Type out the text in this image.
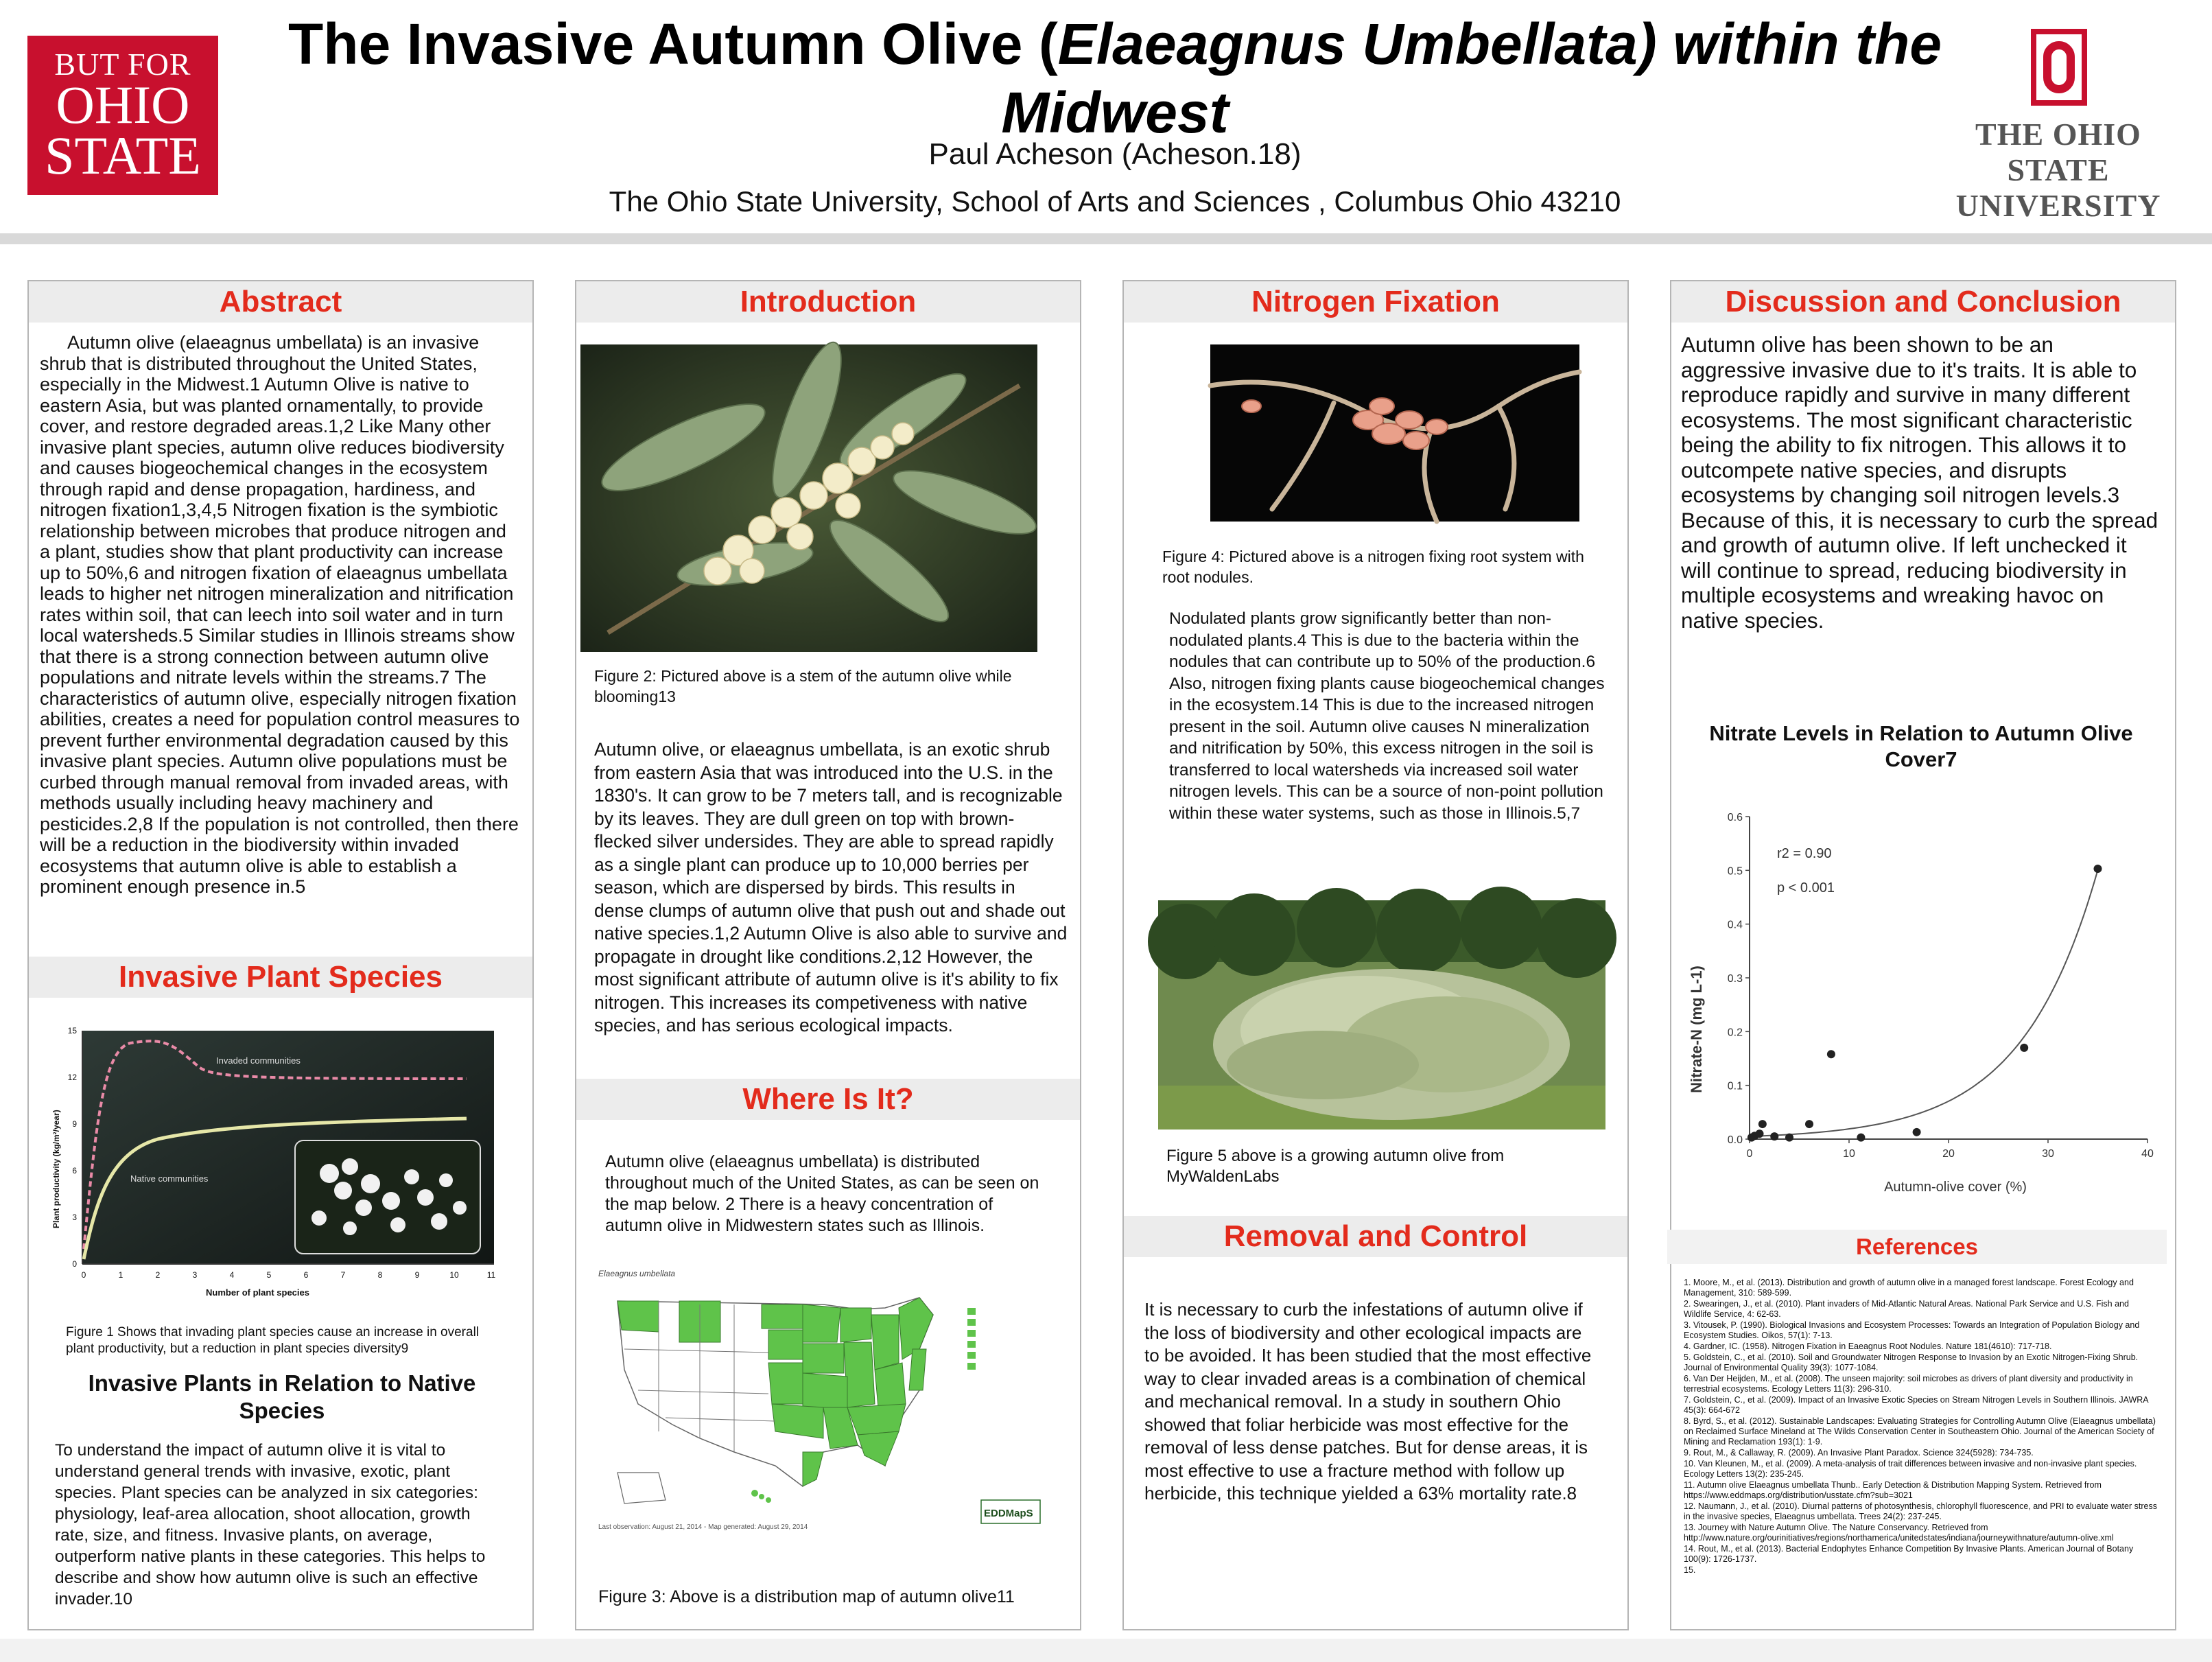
BUT FOR
OHIO
STATE
The Invasive Autumn Olive (Elaeagnus Umbellata) within the Midwest
Paul Acheson (Acheson.18)
The Ohio State University, School of Arts and Sciences , Columbus Ohio 43210
THE OHIO STATE
UNIVERSITY
Abstract
Autumn olive (elaeagnus umbellata) is an invasive shrub that is distributed throughout the United States, especially in the Midwest.1 Autumn Olive is native to eastern Asia, but was planted ornamentally, to provide cover, and restore degraded areas.1,2 Like Many other invasive plant species, autumn olive reduces biodiversity and causes biogeochemical changes in the ecosystem through rapid and dense propagation, hardiness, and nitrogen fixation1,3,4,5 Nitrogen fixation is the symbiotic relationship between microbes that produce nitrogen and a plant, studies show that plant productivity can increase up to 50%,6 and nitrogen fixation of elaeagnus umbellata leads to higher net nitrogen mineralization and nitrification rates within soil, that can leech into soil water and in turn local watersheds.5 Similar studies in Illinois streams show that there is a strong connection between autumn olive populations and nitrate levels within the streams.7 The characteristics of autumn olive, especially nitrogen fixation abilities, creates a need for population control measures to prevent further environmental degradation caused by this invasive plant species. Autumn olive populations must be curbed through manual removal from invaded areas, with methods usually including heavy machinery and pesticides.2,8 If the population is not controlled, then there will be a reduction in the biodiversity within invaded ecosystems that autumn olive is able to establish a prominent enough presence in.5
Invasive Plant Species
Invaded communities
Native communities
0
3
6
9
12
15
0	1	2	3	4	5	6	7	8	9	10	11
Number of plant species
Plant productivity (kg/m²/year)
Figure 1 Shows that invading plant species cause an increase in overall plant productivity, but a reduction in plant species diversity9
Invasive Plants in Relation to Native Species
To understand the impact of autumn olive it is vital to understand general trends with invasive, exotic, plant species. Plant species can be analyzed in six categories: physiology, leaf-area allocation, shoot allocation, growth rate, size, and fitness. Invasive plants, on average, outperform native plants in these categories. This helps to describe and show how autumn olive is such an effective invader.10
Introduction
Figure 2: Pictured above is a stem of the autumn olive while blooming13
Autumn olive, or elaeagnus umbellata, is an exotic shrub from eastern Asia that was introduced into the U.S. in the 1830's. It can grow to be 7 meters tall, and is recognizable by its leaves. They are dull green on top with brown-flecked silver undersides. They are able to spread rapidly as a single plant can produce up to 10,000 berries per season, which are dispersed by birds. This results in dense clumps of autumn olive that push out and shade out native species.1,2 Autumn Olive is also able to survive and propagate in drought like conditions.2,12 However, the most significant attribute of autumn olive is it's ability to fix nitrogen. This increases its competiveness with native species, and has serious ecological impacts.
Where Is It?
Autumn olive (elaeagnus umbellata) is distributed throughout much of the United States, as can be seen on the map below. 2 There is a heavy concentration of autumn olive in Midwestern states such as Illinois.
Elaeagnus umbellata
Last observation: August 21, 2014 - Map generated: August 29, 2014
EDDMapS
Figure 3: Above is a distribution map of autumn olive11
Nitrogen Fixation
Figure 4: Pictured above is a nitrogen fixing root system with root nodules.
Nodulated plants grow significantly better than non-nodulated plants.4 This is due to the bacteria within the nodules that can contribute up to 50% of the production.6 Also, nitrogen fixing plants cause biogeochemical changes in the ecosystem.14 This is due to the increased nitrogen present in the soil. Autumn olive causes N mineralization and nitrification by 50%, this excess nitrogen in the soil is transferred to local watersheds via increased soil water nitrogen levels. This can be a source of non-point pollution within these water systems, such as those in Illinois.5,7
Figure 5 above is a growing autumn olive from MyWaldenLabs
Removal and Control
It is necessary to curb the infestations of autumn olive if the loss of biodiversity and other ecological impacts are to be avoided. It has been studied that the most effective way to clear invaded areas is a combination of chemical and mechanical removal. In a study in southern Ohio showed that foliar herbicide was most effective for the removal of less dense patches. But for dense areas, it is most effective to use a fracture method with follow up herbicide, this technique yielded a 63% mortality rate.8
Discussion and Conclusion
Autumn olive has been shown to be an aggressive invasive due to it's traits. It is able to reproduce rapidly and survive in many different ecosystems. The most significant characteristic being the ability to fix nitrogen. This allows it to outcompete native species, and disrupts ecosystems by changing soil nitrogen levels.3 Because of this, it is necessary to curb the spread and growth of autumn olive. If left unchecked it will continue to spread, reducing biodiversity in multiple ecosystems and wreaking havoc on native species.
Nitrate Levels in Relation to Autumn Olive Cover7
Nitrate-N (mg L-1)
Autumn-olive cover (%)
r2 = 0.90
p < 0.001
0.0
0.1
0.2
0.3
0.4
0.5
0.6
0	10	20	30	40
References
1. Moore, M., et al. (2013). Distribution and growth of autumn olive in a managed forest landscape. Forest Ecology and Management, 310: 589-599.
2. Swearingen, J., et al. (2010). Plant invaders of Mid-Atlantic Natural Areas. National Park Service and U.S. Fish and Wildlife Service, 4: 62-63.
3. Vitousek, P. (1990). Biological Invasions and Ecosystem Processes: Towards an Integration of Population Biology and Ecosystem Studies. Oikos, 57(1): 7-13.
4. Gardner, IC. (1958). Nitrogen Fixation in Eaeagnus Root Nodules. Nature 181(4610): 717-718.
5. Goldstein, C., et al. (2010). Soil and Groundwater Nitrogen Response to Invasion by an Exotic Nitrogen-Fixing Shrub. Journal of Environmental Quality 39(3): 1077-1084.
6. Van Der Heijden, M., et al. (2008). The unseen majority: soil microbes as drivers of plant diversity and productivity in terrestrial ecosystems. Ecology Letters 11(3): 296-310.
7. Goldstein, C., et al. (2009). Impact of an Invasive Exotic Species on Stream Nitrogen Levels in Southern Illinois. JAWRA 45(3): 664-672
8. Byrd, S., et al. (2012). Sustainable Landscapes: Evaluating Strategies for Controlling Autumn Olive (Elaeagnus umbellata) on Reclaimed Surface Mineland at The Wilds Conservation Center in Southeastern Ohio. Journal of the American Society of Mining and Reclamation 193(1): 1-9.
9. Rout, M., & Callaway, R. (2009). An Invasive Plant Paradox. Science 324(5928): 734-735.
10. Van Kleunen, M., et al. (2009). A meta-analysis of trait differences between invasive and non-invasive plant species. Ecology Letters 13(2): 235-245.
11. Autumn olive Elaeagnus umbellata Thunb.. Early Detection & Distribution Mapping System. Retrieved from https://www.eddmaps.org/distribution/usstate.cfm?sub=3021
12. Naumann, J., et al. (2010). Diurnal patterns of photosynthesis, chlorophyll fluorescence, and PRI to evaluate water stress in the invasive species, Elaeagnus umbellata. Trees 24(2): 237-245.
13. Journey with Nature Autumn Olive. The Nature Conservancy. Retrieved from http://www.nature.org/ourinitiatives/regions/northamerica/unitedstates/indiana/journeywithnature/autumn-olive.xml
14. Rout, M., et al. (2013). Bacterial Endophytes Enhance Competition By Invasive Plants. American Journal of Botany 100(9): 1726-1737.
15.
